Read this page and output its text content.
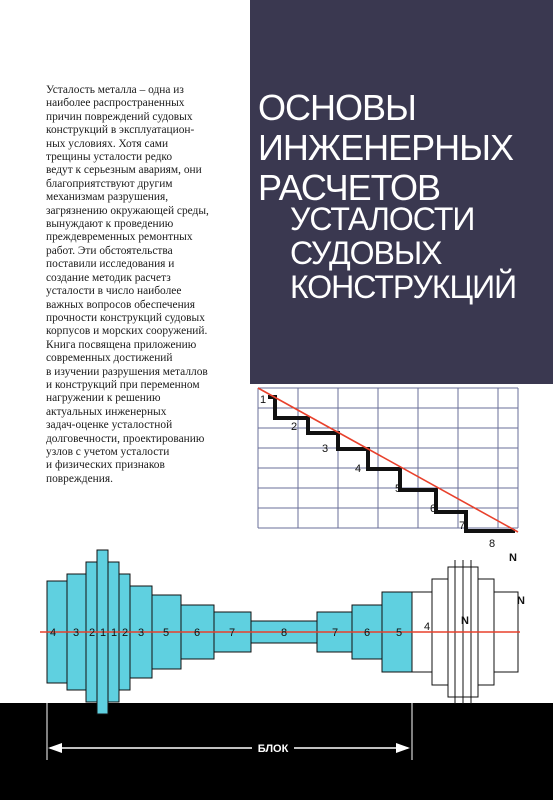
ОСНОВЫ
ИНЖЕНЕРНЫХ
РАСЧЕТОВ
УСТАЛОСТИ
СУДОВЫХ
КОНСТРУКЦИЙ
Усталость металла – одна из
наиболее распространенных
причин повреждений судовых
конструкций в эксплуатацион-
ных условиях. Хотя сами
трещины усталости редко
ведут к серьезным авариям, они
благоприятствуют другим
механизмам разрушения,
загрязнению окружающей среды,
вынуждают к проведению
преждевременных ремонтных
работ. Эти обстоятельства
поставили исследования и
создание методик расчетз
усталости в число наиболее
важных вопросов обеспечения
прочности конструкций судовых
корпусов и морских сооружений.
Книга посвящена приложению
современных достижений
в изучении разрушения металлов
и конструкций при переменном
нагружении к решению
актуальных инженерных
задач-оценке усталостной
долговечности, проектированию
узлов с учетом усталости
и физических признаков
повреждения.
1
2
3
4
5
6
7
8
N
4 3 2 1 1 2 3 5 6	7	8	7 6 5 4	N
N
БЛОК
